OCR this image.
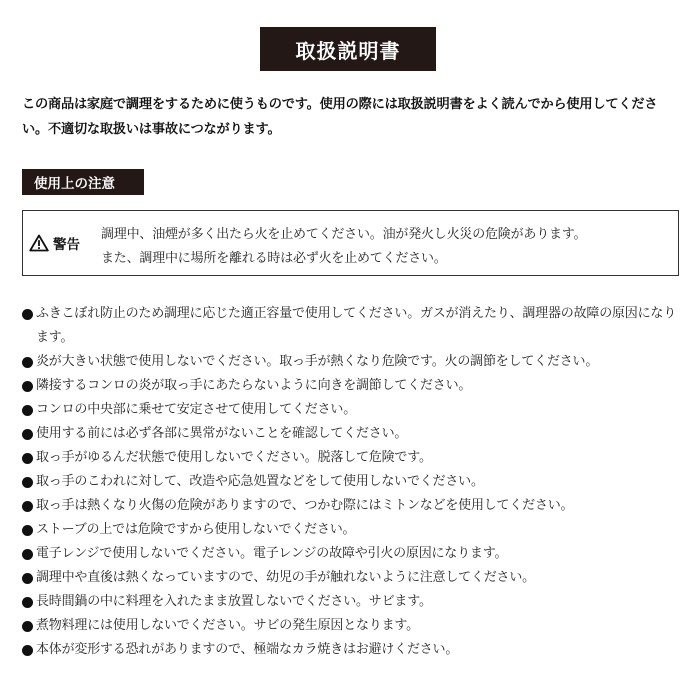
取扱説明書
この商品は家庭で調理をするために使うものです。使用の際には取扱説明書をよく読んでから使用してください。不適切な取扱いは事故につながります。
使用上の注意
警告
調理中、油煙が多く出たら火を止めてください。油が発火し火災の危険があります。
また、調理中に場所を離れる時は必ず火を止めてください。
ふきこぼれ防止のため調理に応じた適正容量で使用してください。ガスが消えたり、調理器の故障の原因になります。
炎が大きい状態で使用しないでください。取っ手が熱くなり危険です。火の調節をしてください。
隣接するコンロの炎が取っ手にあたらないように向きを調節してください。
コンロの中央部に乗せて安定させて使用してください。
使用する前には必ず各部に異常がないことを確認してください。
取っ手がゆるんだ状態で使用しないでください。脱落して危険です。
取っ手のこわれに対して、改造や応急処置などをして使用しないでください。
取っ手は熱くなり火傷の危険がありますので、つかむ際にはミトンなどを使用してください。
ストーブの上では危険ですから使用しないでください。
電子レンジで使用しないでください。電子レンジの故障や引火の原因になります。
調理中や直後は熱くなっていますので、幼児の手が触れないように注意してください。
長時間鍋の中に料理を入れたまま放置しないでください。サビます。
煮物料理には使用しないでください。サビの発生原因となります。
本体が変形する恐れがありますので、極端なカラ焼きはお避けください。
